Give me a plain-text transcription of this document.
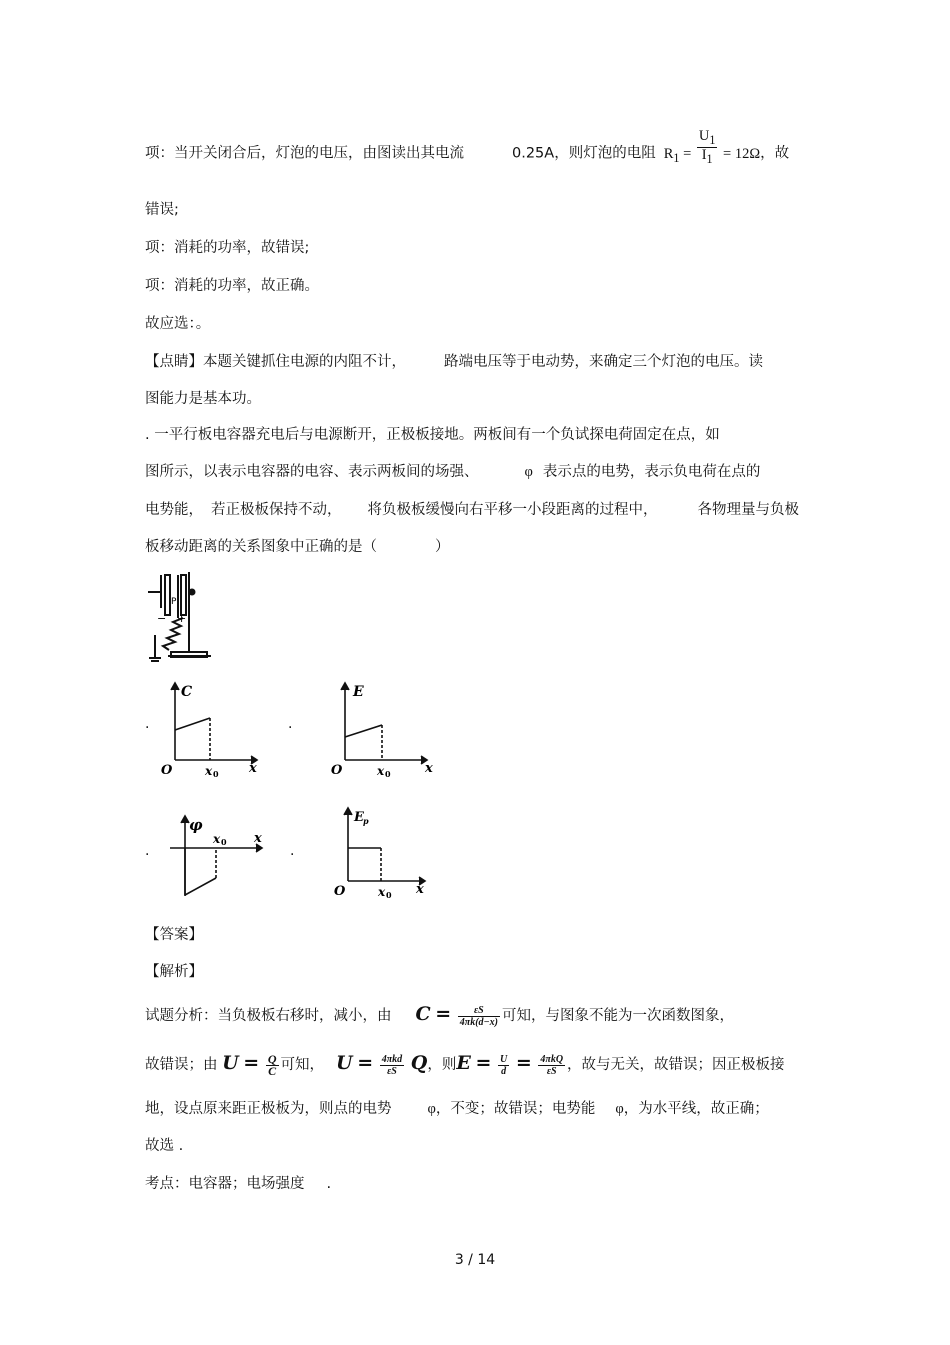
项：当开关闭合后，灯泡的电压，由图读出其电流	0.25A，则灯泡的电阻 $R_1 = \frac{U_1}{I_1} = 12\Omega$，故
错误;
项：消耗的功率，故错误;
项：消耗的功率，故正确。
故应选：。
【点睛】本题关键抓住电源的内阻不计，	路端电压等于电动势，来确定三个灯泡的电压。读
图能力是基本功。
. 一平行板电容器充电后与电源断开，正极板接地。两板间有一个负试探电荷固定在点，如
图所示，以表示电容器的电容、表示两板间的场强、	φ 表示点的电势，表示负电荷在点的
电势能， 若正极板保持不动， 将负极板缓慢向右平移一小段距离的过程中，	各物理量与负极
板移动距离的关系图象中正确的是（　　　　）
P
− +
.
C
O	x 0 x
.
E
O	x 0	x
.
φ
x 0 x
.
E p
O	x 0 x
【答案】
【解析】
试题分析：当负极板右移时，减小，由 $C = \frac{\varepsilon S}{4\pi k(d-x)}$ 可知，与图象不能为一次函数图象，
故错误；由 $U = \frac{Q}{C}$ 可知， $U = \frac{\text{4πkd}}{\varepsilon S}$ Q，则$E = \frac{U}{d} = \frac{\text{4πkQ}}{\varepsilon S}$ ，故与无关，故错误；因正极板接
地，设点原来距正极板为，则点的电势 φ，不变；故错误；电势能 φ，为水平线，故正确；
故选 .
考点：电容器；电场强度 .
3 / 14
